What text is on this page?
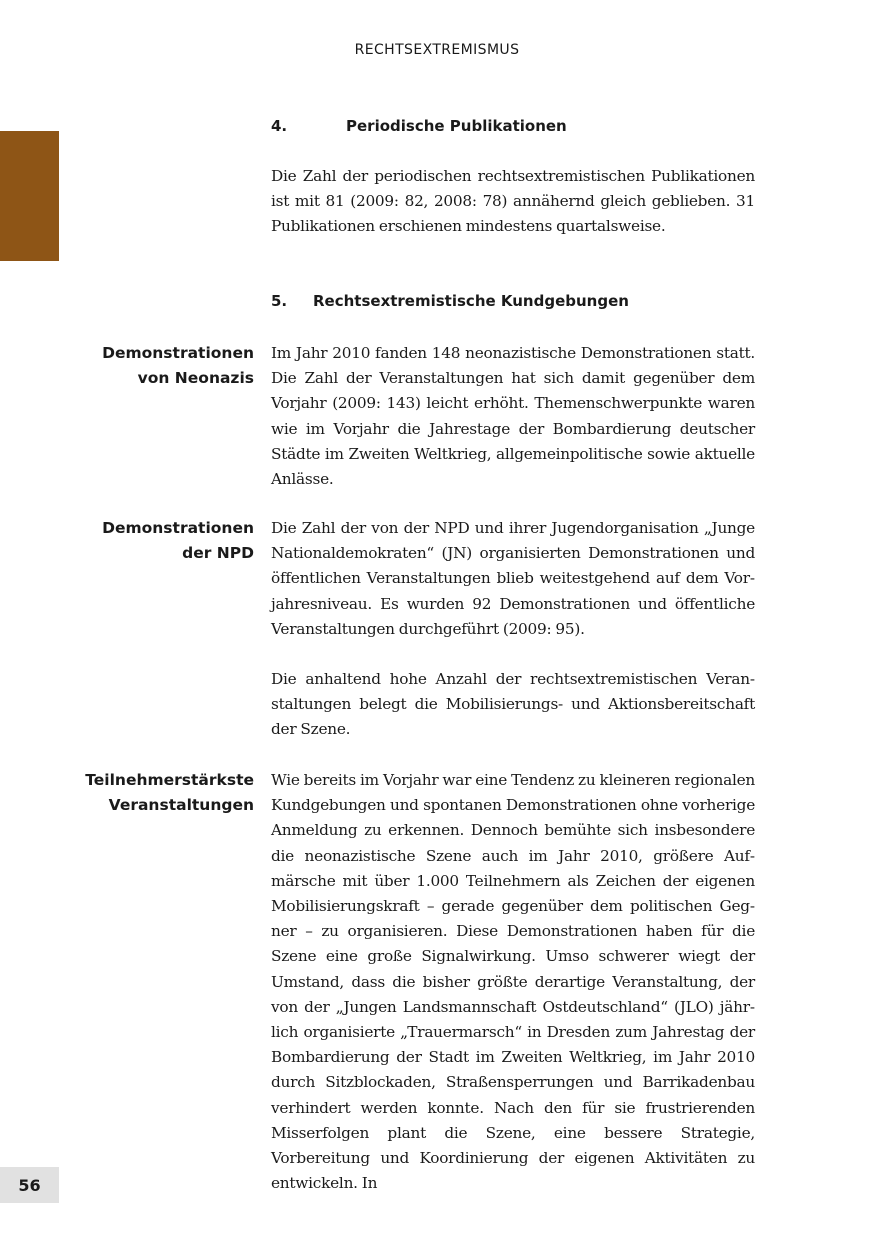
RECHTSEXTREMISMUS
4.	Periodische Publikationen

Die Zahl der periodischen rechtsextremistischen Publikationen ist mit 81 (2009: 82, 2008: 78) annähernd gleich geblieben. 31 Publikationen erschienen mindestens quartalsweise.

5. Rechtsextremistische Kundgebungen
Demonstrationen
von Neonazis

Im Jahr 2010 fanden 148 neonazistische Demonstrationen statt. Die Zahl der Veranstaltungen hat sich damit gegenüber dem Vorjahr (2009: 143) leicht erhöht. Themenschwerpunkte waren wie im Vorjahr die Jahrestage der Bombardierung deutscher Städte im Zweiten Weltkrieg, allgemeinpolitische sowie aktuelle Anlässe.

Demonstrationen
der NPD

Die Zahl der von der NPD und ihrer Jugendorganisation „Junge Nationaldemokraten“ (JN) organisierten Demonstrationen und öffentlichen Veranstaltungen blieb weitestgehend auf dem Vorjahresniveau. Es wurden 92 Demonstrationen und öffentliche Veranstaltungen durchgeführt (2009: 95).

Die anhaltend hohe Anzahl der rechtsextremistischen Veranstaltungen belegt die Mobilisierungs- und Aktionsbereitschaft der Szene.

Teilnehmerstärkste
Veranstaltungen

Wie bereits im Vorjahr war eine Tendenz zu kleineren regionalen Kundgebungen und spontanen Demonstrationen ohne vorherige Anmeldung zu erkennen. Dennoch bemühte sich insbesondere die neonazistische Szene auch im Jahr 2010, größere Aufmärsche mit über 1.000 Teilnehmern als Zeichen der eigenen Mobilisierungskraft – gerade gegenüber dem politischen Gegner – zu organisieren. Diese Demonstrationen haben für die Szene eine große Signalwirkung. Umso schwerer wiegt der Umstand, dass die bisher größte derartige Veranstaltung, der von der „Jungen Landsmannschaft Ostdeutschland“ (JLO) jährlich organisierte „Trauermarsch“ in Dresden zum Jahrestag der Bombardierung der Stadt im Zweiten Weltkrieg, im Jahr 2010 durch Sitzblockaden, Straßensperrungen und Barrikadenbau verhindert werden konnte. Nach den für sie frustrierenden Misserfolgen plant die Szene, eine bessere Strategie, Vorbereitung und Koordinierung der eigenen Aktivitäten zu entwickeln. In

56
